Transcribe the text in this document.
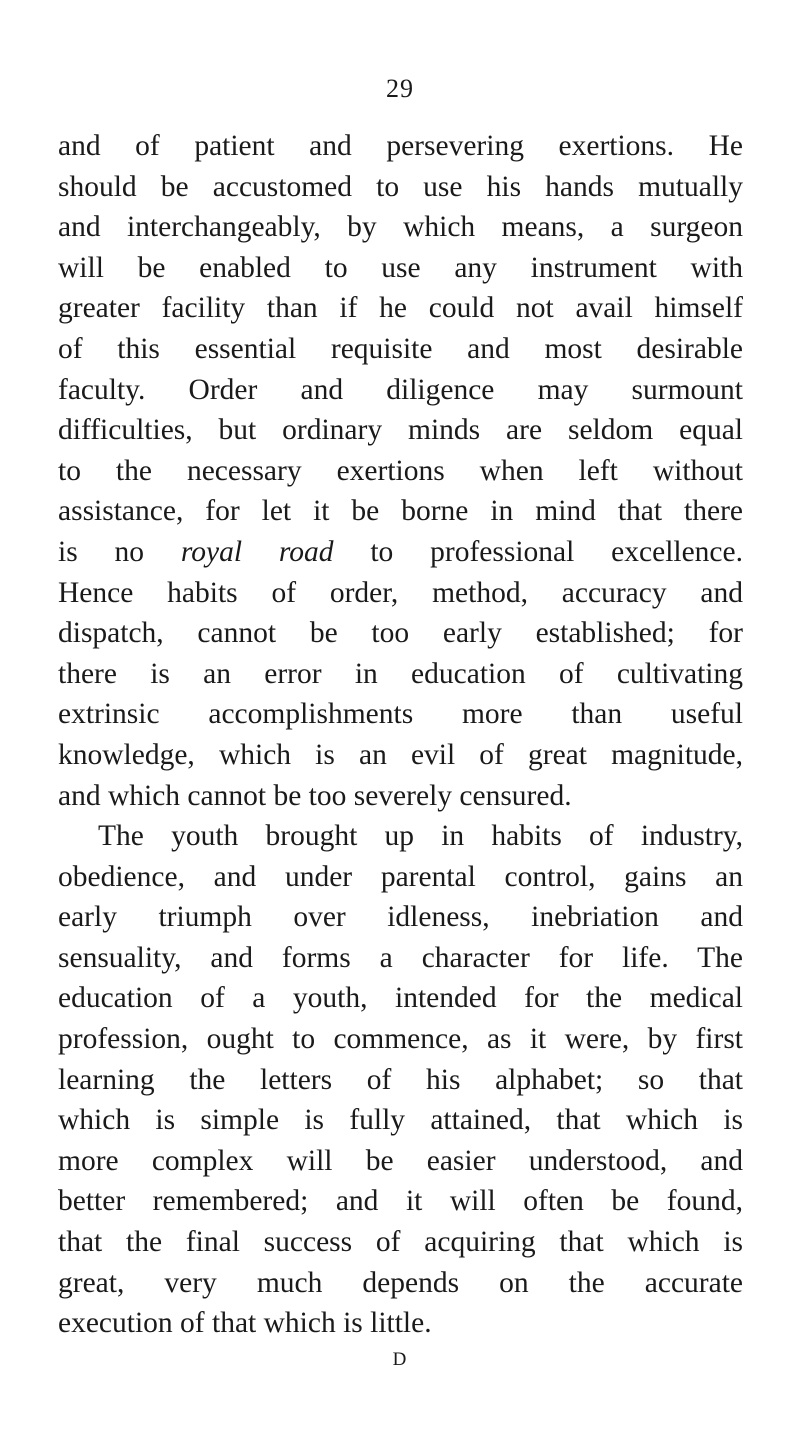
29
and of patient and persevering exertions. He
should be accustomed to use his hands mutually
and interchangeably, by which means, a surgeon
will be enabled to use any instrument with
greater facility than if he could not avail himself
of this essential requisite and most desirable
faculty. Order and diligence may surmount
difficulties, but ordinary minds are seldom equal
to the necessary exertions when left without
assistance, for let it be borne in mind that there
is no royal road to professional excellence.
Hence habits of order, method, accuracy and
dispatch, cannot be too early established; for
there is an error in education of cultivating
extrinsic accomplishments more than useful
knowledge, which is an evil of great magnitude,
and which cannot be too severely censured.
The youth brought up in habits of industry,
obedience, and under parental control, gains an
early triumph over idleness, inebriation and
sensuality, and forms a character for life. The
education of a youth, intended for the medical
profession, ought to commence, as it were, by first
learning the letters of his alphabet; so that
which is simple is fully attained, that which is
more complex will be easier understood, and
better remembered; and it will often be found,
that the final success of acquiring that which is
great, very much depends on the accurate
execution of that which is little.
D
